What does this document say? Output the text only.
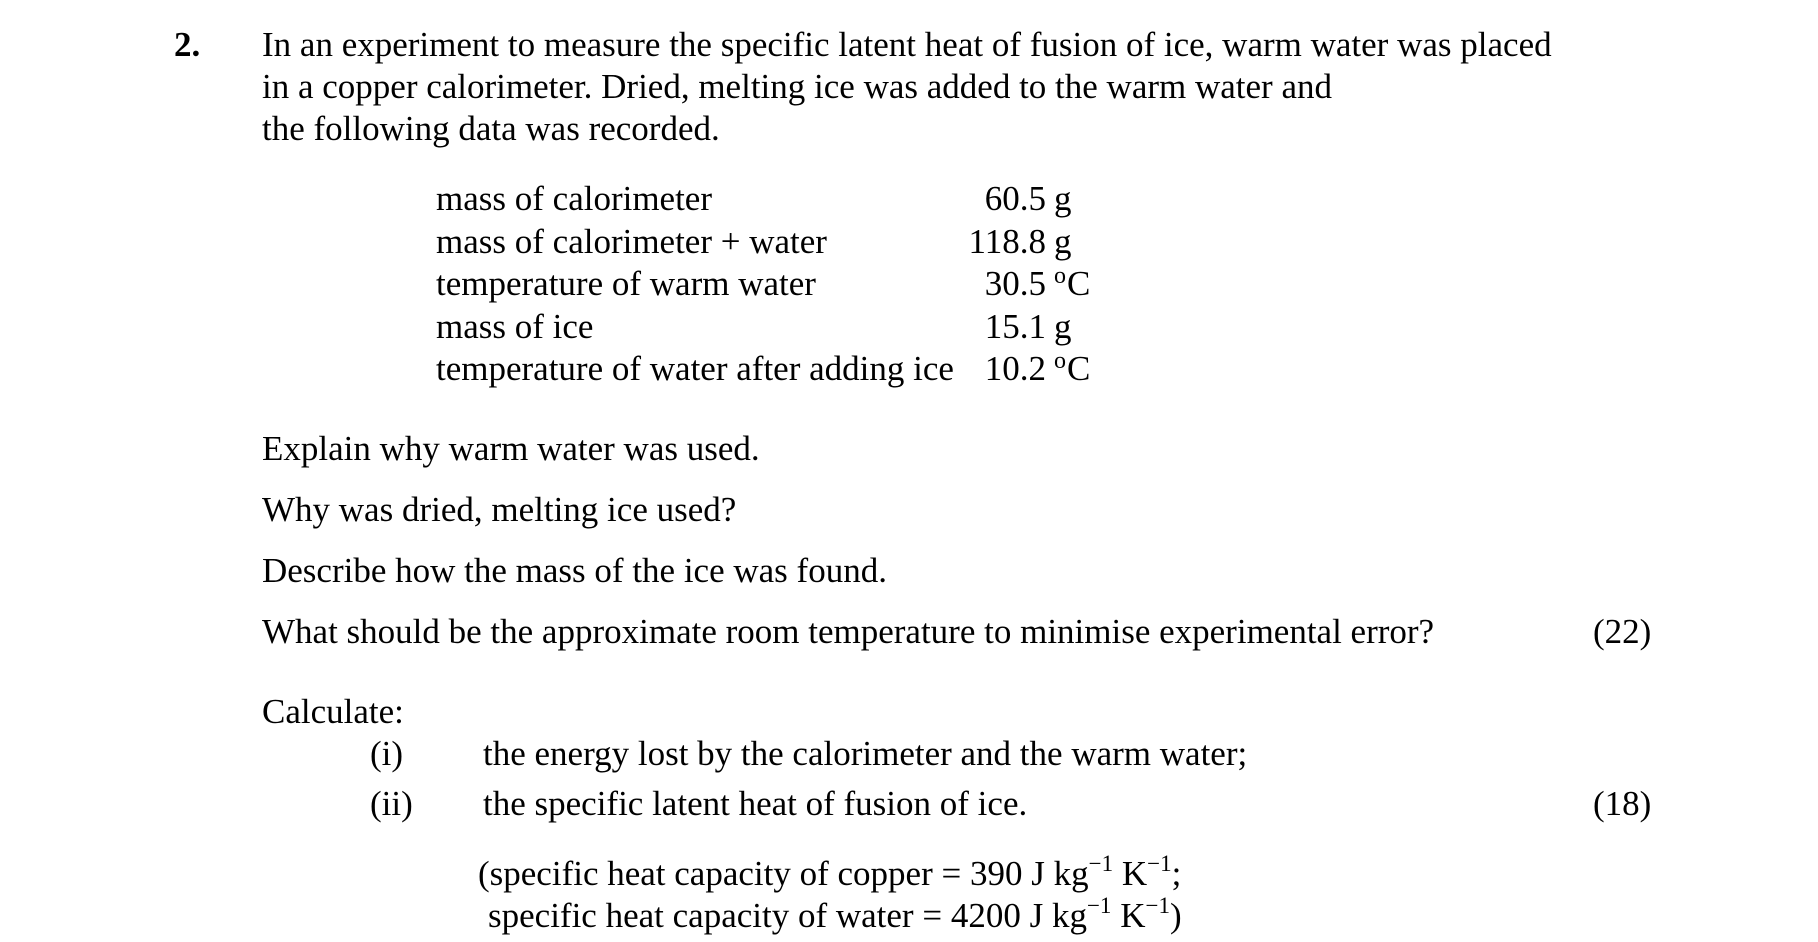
2. In an experiment to measure the specific latent heat of fusion of ice, warm water was placed
in a copper calorimeter. Dried, melting ice was added to the warm water and
the following data was recorded.
mass of calorimeter	60.5 g
mass of calorimeter + water	118.8 g
temperature of warm water	30.5 $^o$C
mass of ice	15.1 g
temperature of water after adding ice 10.2 $^o$C
Explain why warm water was used.
Why was dried, melting ice used?
Describe how the mass of the ice was found.
What should be the approximate room temperature to minimise experimental error?	(22)
Calculate:
(i) the energy lost by the calorimeter and the warm water;
(ii) the specific latent heat of fusion of ice.	(18)
(specific heat capacity of copper = 390 J $kg^{-1}$ $K^{-1}$;
specific heat capacity of water = 4200 J $kg^{-1}$ $K^{-1}$)
